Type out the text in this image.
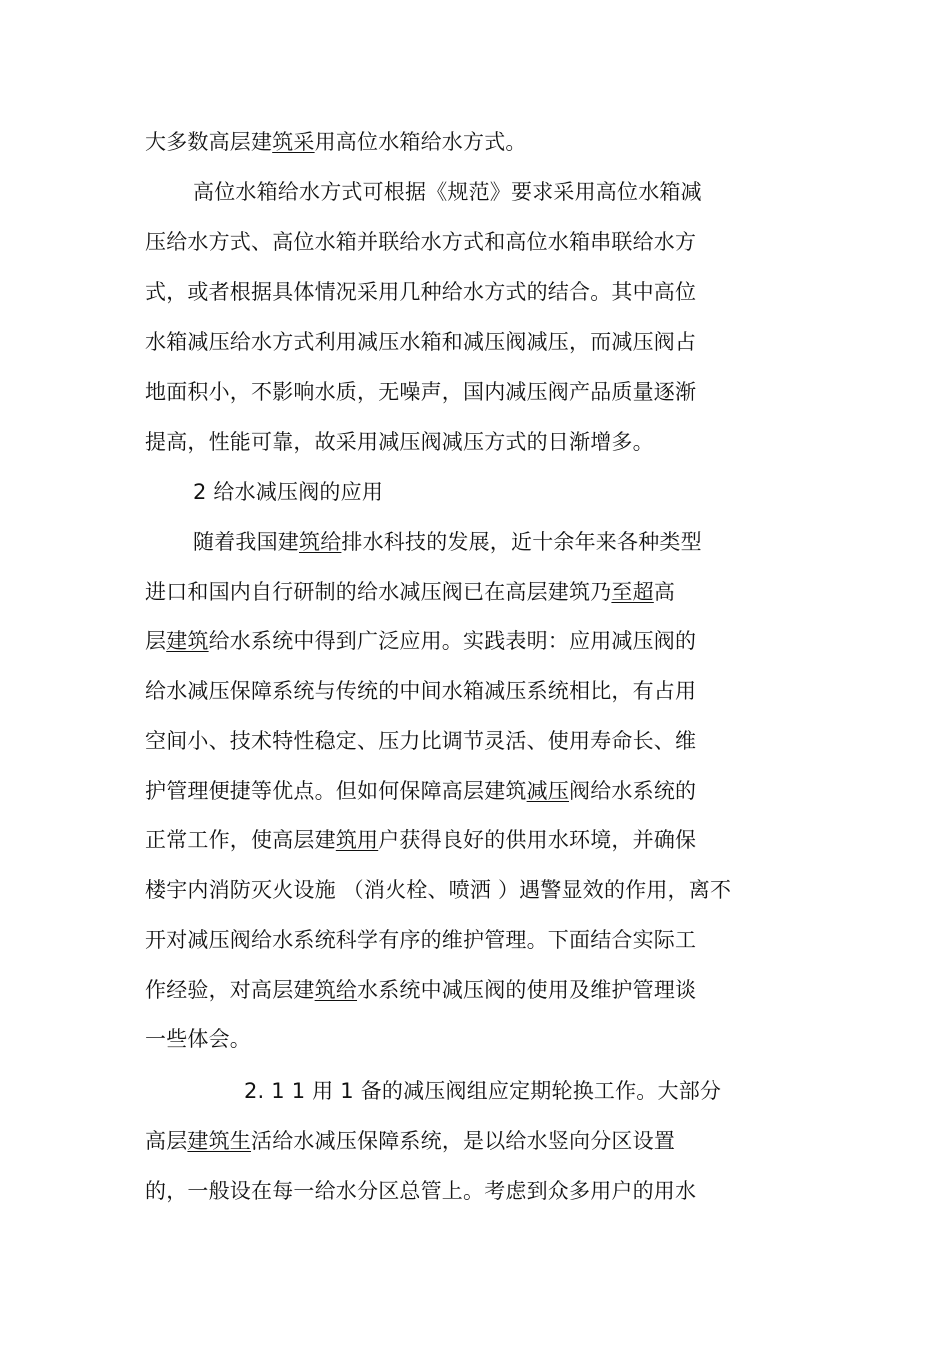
大多数高层建筑采用高位水箱给水方式。
高位水箱给水方式可根据《规范》要求采用高位水箱减
压给水方式、高位水箱并联给水方式和高位水箱串联给水方
式，或者根据具体情况采用几种给水方式的结合。其中高位
水箱减压给水方式利用减压水箱和减压阀减压，而减压阀占
地面积小，不影响水质，无噪声，国内减压阀产品质量逐渐
提高，性能可靠，故采用减压阀减压方式的日渐增多。
2 给水减压阀的应用
随着我国建筑给排水科技的发展，近十余年来各种类型
进口和国内自行研制的给水减压阀已在高层建筑乃至超高
层建筑给水系统中得到广泛应用。实践表明：应用减压阀的
给水减压保障系统与传统的中间水箱减压系统相比，有占用
空间小、技术特性稳定、压力比调节灵活、使用寿命长、维
护管理便捷等优点。但如何保障高层建筑减压阀给水系统的
正常工作，使高层建筑用户获得良好的供用水环境，并确保
楼宇内消防灭火设施 （消火栓、喷洒 ）遇警显效的作用，离不
开对减压阀给水系统科学有序的维护管理。下面结合实际工
作经验，对高层建筑给水系统中减压阀的使用及维护管理谈
一些体会。
2. 1 1 用 1 备的减压阀组应定期轮换工作。大部分
高层建筑生活给水减压保障系统，是以给水竖向分区设置
的，一般设在每一给水分区总管上。考虑到众多用户的用水
